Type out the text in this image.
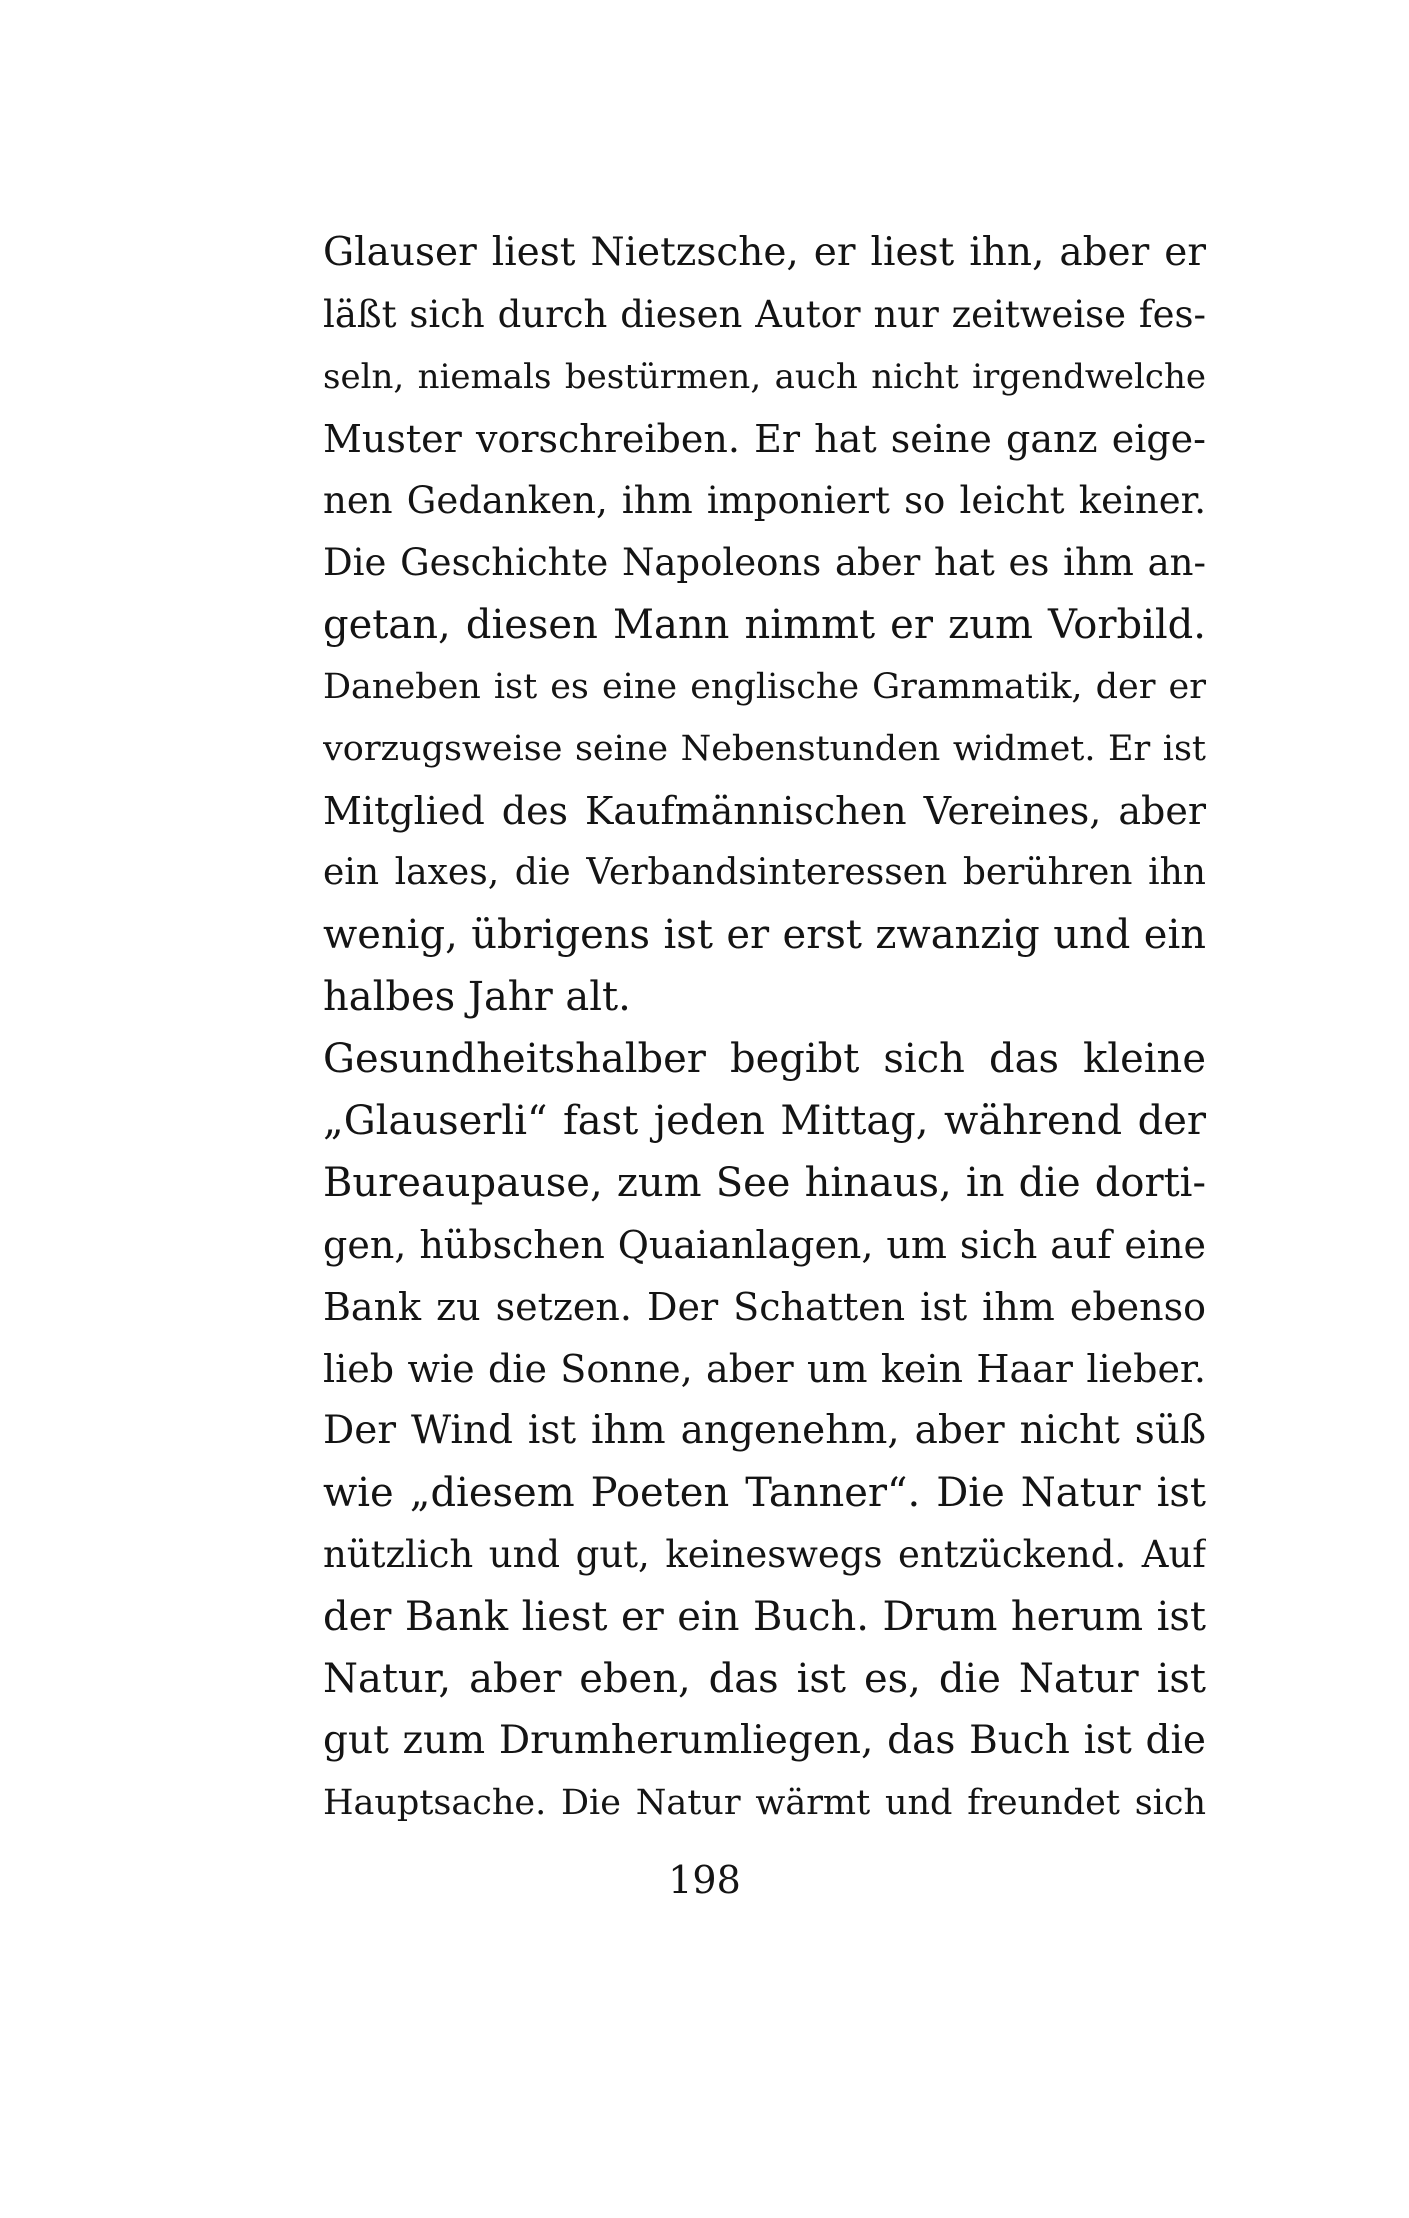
Glauser liest Nietzsche, er liest ihn, aber er
läßt sich durch diesen Autor nur zeitweise fes-
seln, niemals bestürmen, auch nicht irgendwelche
Muster vorschreiben. Er hat seine ganz eige-
nen Gedanken, ihm imponiert so leicht keiner.
Die Geschichte Napoleons aber hat es ihm an-
getan, diesen Mann nimmt er zum Vorbild.
Daneben ist es eine englische Grammatik, der er
vorzugsweise seine Nebenstunden widmet. Er ist
Mitglied des Kaufmännischen Vereines, aber
ein laxes, die Verbandsinteressen berühren ihn
wenig, übrigens ist er erst zwanzig und ein
halbes Jahr alt.

Gesundheitshalber begibt sich das kleine
„Glauserli“ fast jeden Mittag, während der
Bureaupause, zum See hinaus, in die dorti-
gen, hübschen Quaianlagen, um sich auf eine
Bank zu setzen. Der Schatten ist ihm ebenso
lieb wie die Sonne, aber um kein Haar lieber.
Der Wind ist ihm angenehm, aber nicht süß
wie „diesem Poeten Tanner“. Die Natur ist
nützlich und gut, keineswegs entzückend. Auf
der Bank liest er ein Buch. Drum herum ist
Natur, aber eben, das ist es, die Natur ist
gut zum Drumherumliegen, das Buch ist die
Hauptsache. Die Natur wärmt und freundet sich

198
